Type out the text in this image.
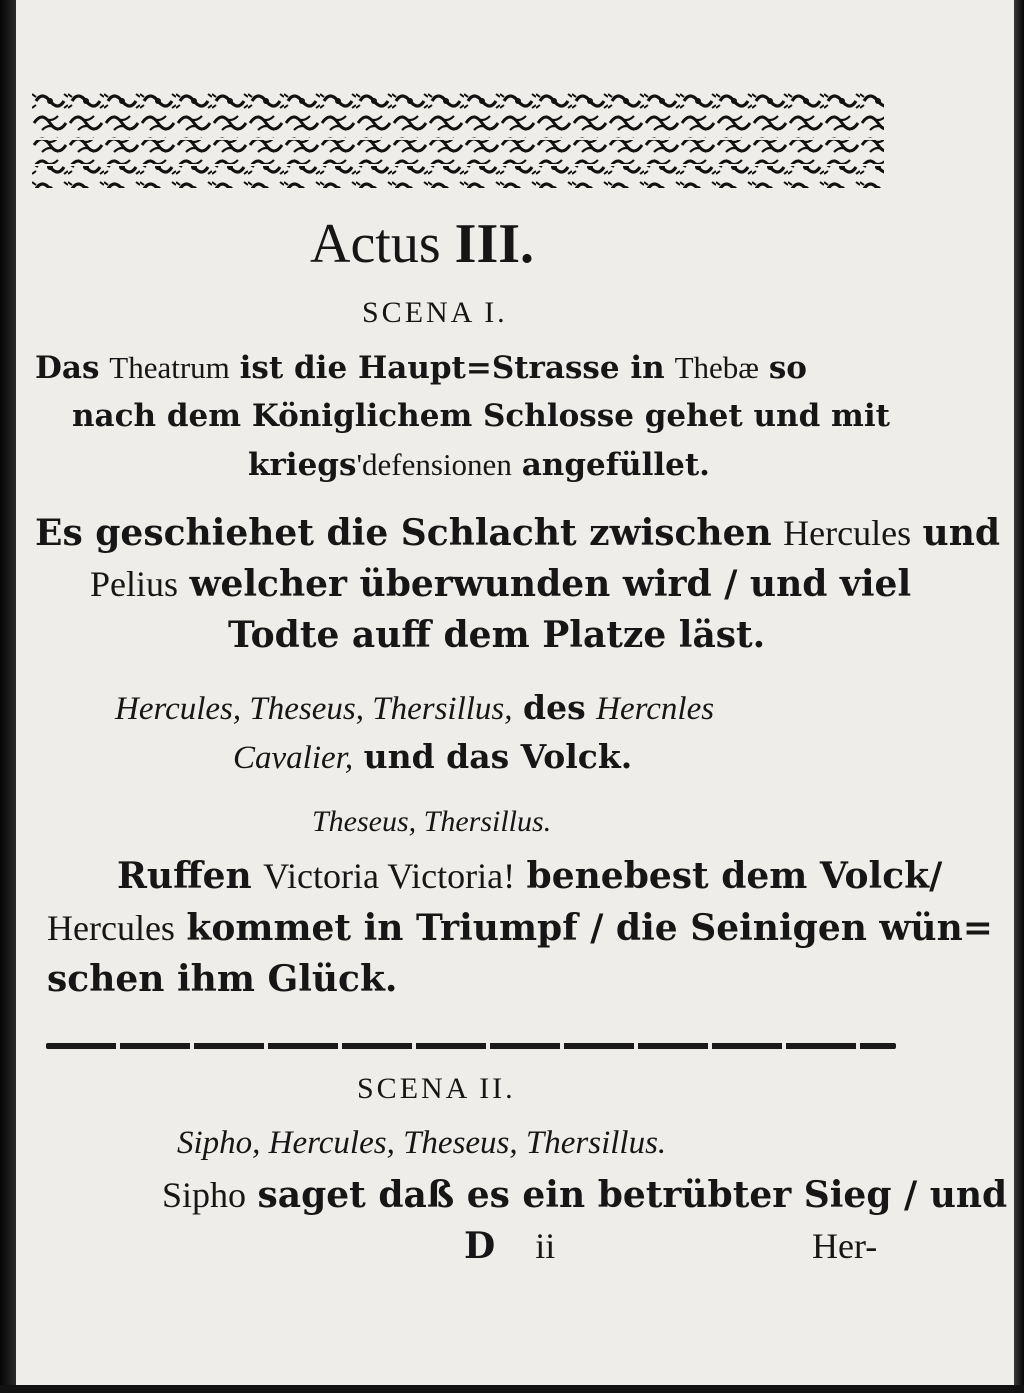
Actus III.
SCENA I.
Das Theatrum ist die Haupt=Strasse in Thebæ so
nach dem Königlichem Schlosse gehet und mit
kriegs'defensionen angefüllet.
Es geschiehet die Schlacht zwischen Hercules und
Pelius welcher überwunden wird / und viel
Todte auff dem Platze läst.
Hercules, Theseus, Thersillus, des Hercnles
Cavalier, und das Volck.
Theseus, Thersillus.
Ruffen Victoria Victoria! benebest dem Volck/
Hercules kommet in Triumpf / die Seinigen wün=
schen ihm Glück.
SCENA II.
Sipho, Hercules, Theseus, Thersillus.
Sipho saget daß es ein betrübter Sieg / und
D ii	Her-
